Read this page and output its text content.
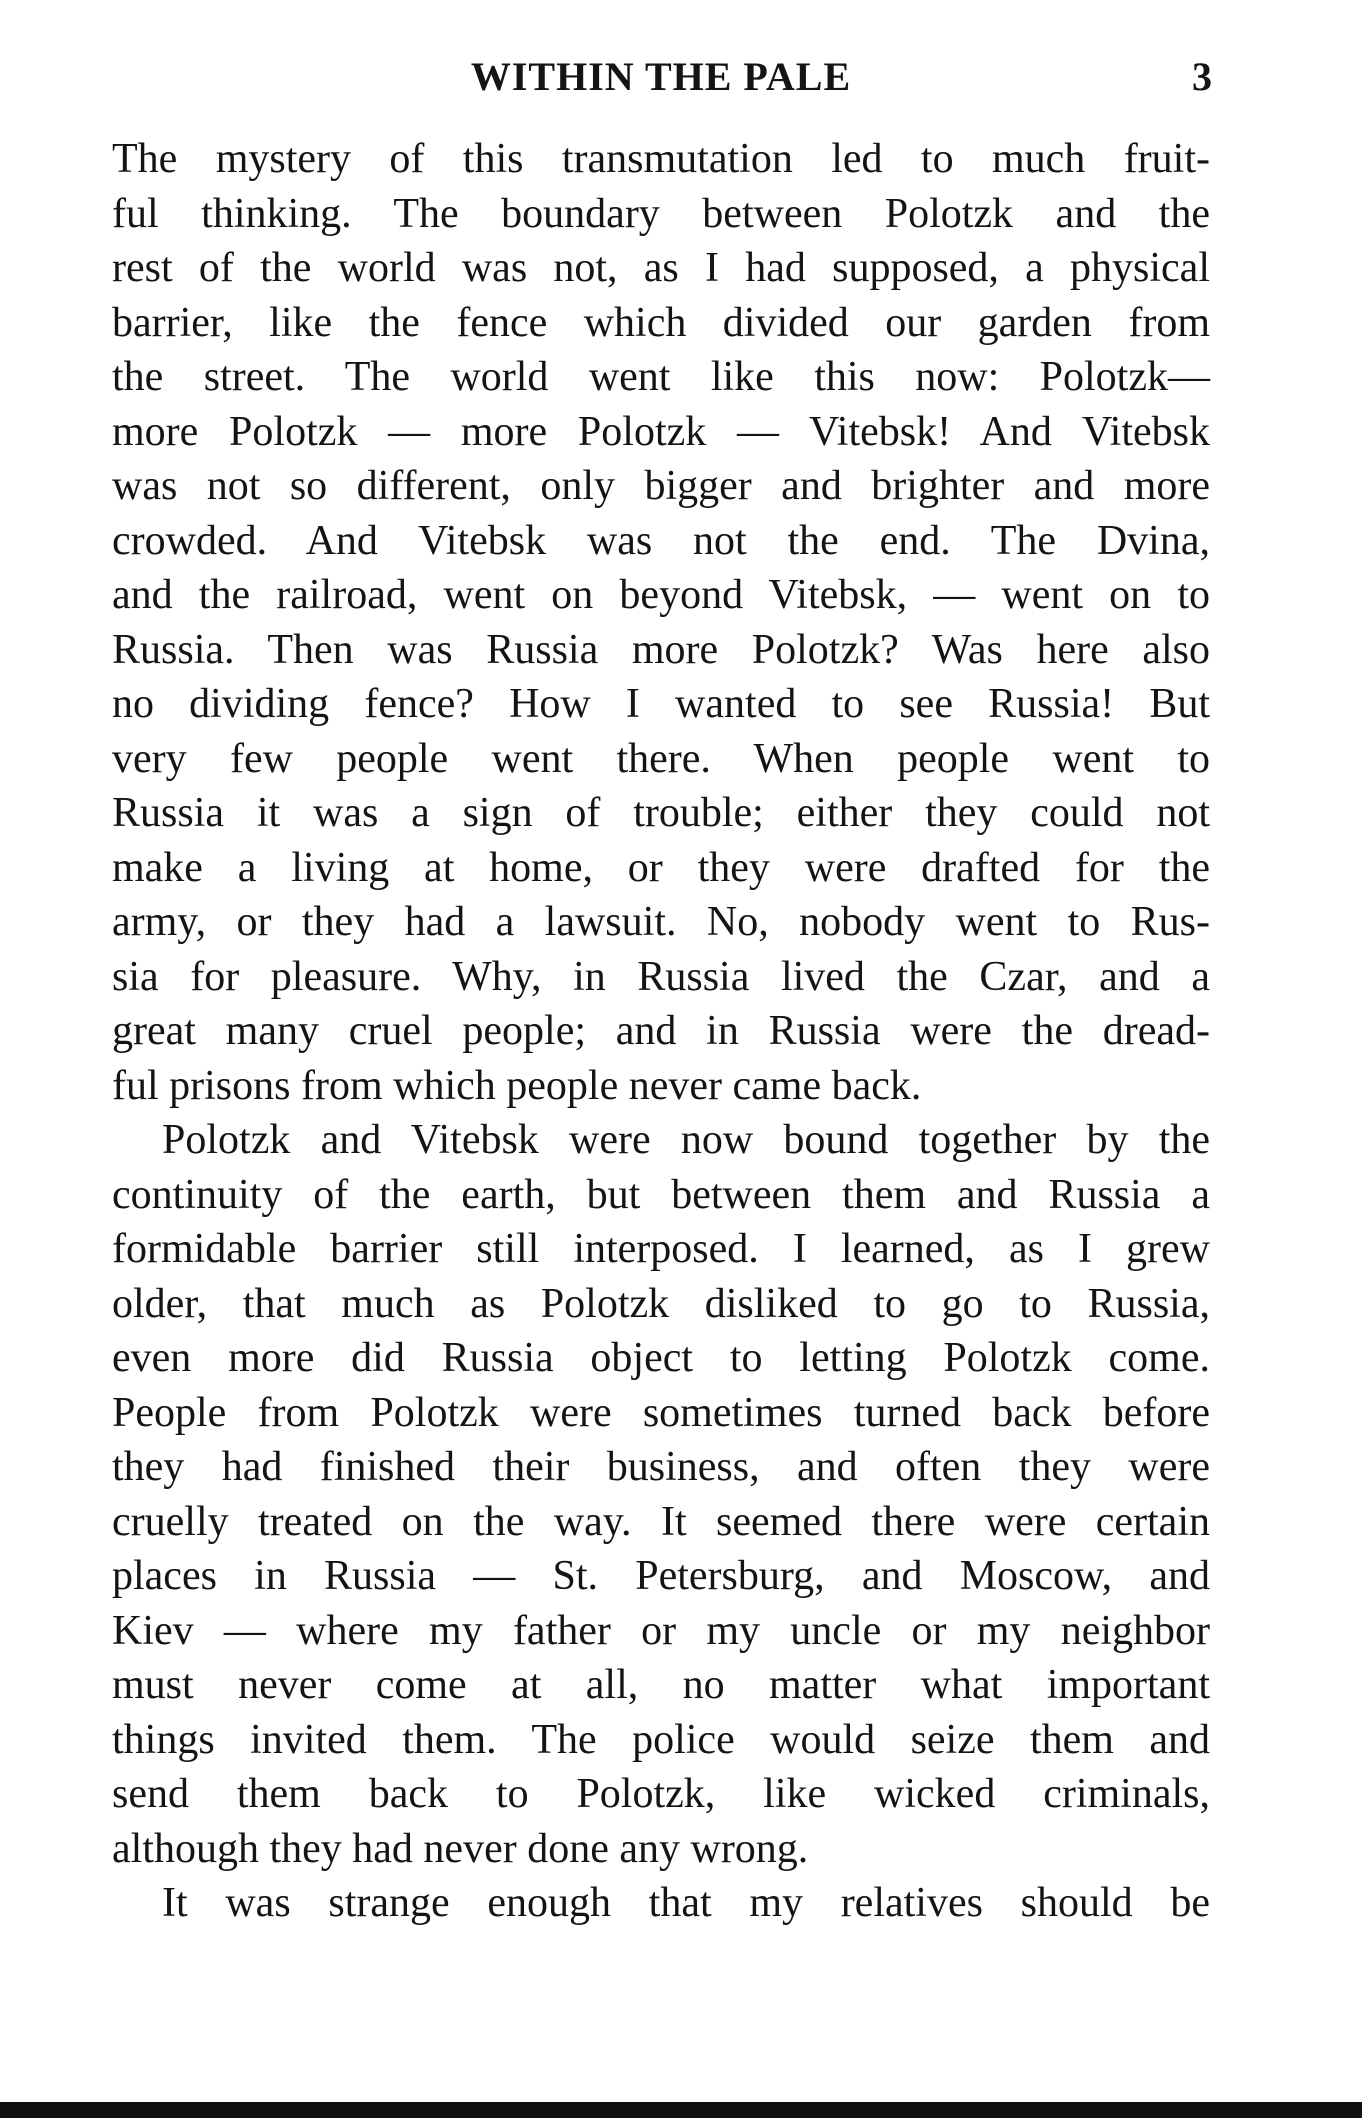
WITHIN THE PALE	3
The mystery of this transmutation led to much fruit-
ful thinking. The boundary between Polotzk and the
rest of the world was not, as I had supposed, a physical
barrier, like the fence which divided our garden from
the street. The world went like this now: Polotzk—
more Polotzk — more Polotzk — Vitebsk! And Vitebsk
was not so different, only bigger and brighter and more
crowded. And Vitebsk was not the end. The Dvina,
and the railroad, went on beyond Vitebsk, — went on to
Russia. Then was Russia more Polotzk? Was here also
no dividing fence? How I wanted to see Russia! But
very few people went there. When people went to
Russia it was a sign of trouble; either they could not
make a living at home, or they were drafted for the
army, or they had a lawsuit. No, nobody went to Rus-
sia for pleasure. Why, in Russia lived the Czar, and a
great many cruel people; and in Russia were the dread-
ful prisons from which people never came back.
Polotzk and Vitebsk were now bound together by the
continuity of the earth, but between them and Russia a
formidable barrier still interposed. I learned, as I grew
older, that much as Polotzk disliked to go to Russia,
even more did Russia object to letting Polotzk come.
People from Polotzk were sometimes turned back before
they had finished their business, and often they were
cruelly treated on the way. It seemed there were certain
places in Russia — St. Petersburg, and Moscow, and
Kiev — where my father or my uncle or my neighbor
must never come at all, no matter what important
things invited them. The police would seize them and
send them back to Polotzk, like wicked criminals,
although they had never done any wrong.
It was strange enough that my relatives should be
